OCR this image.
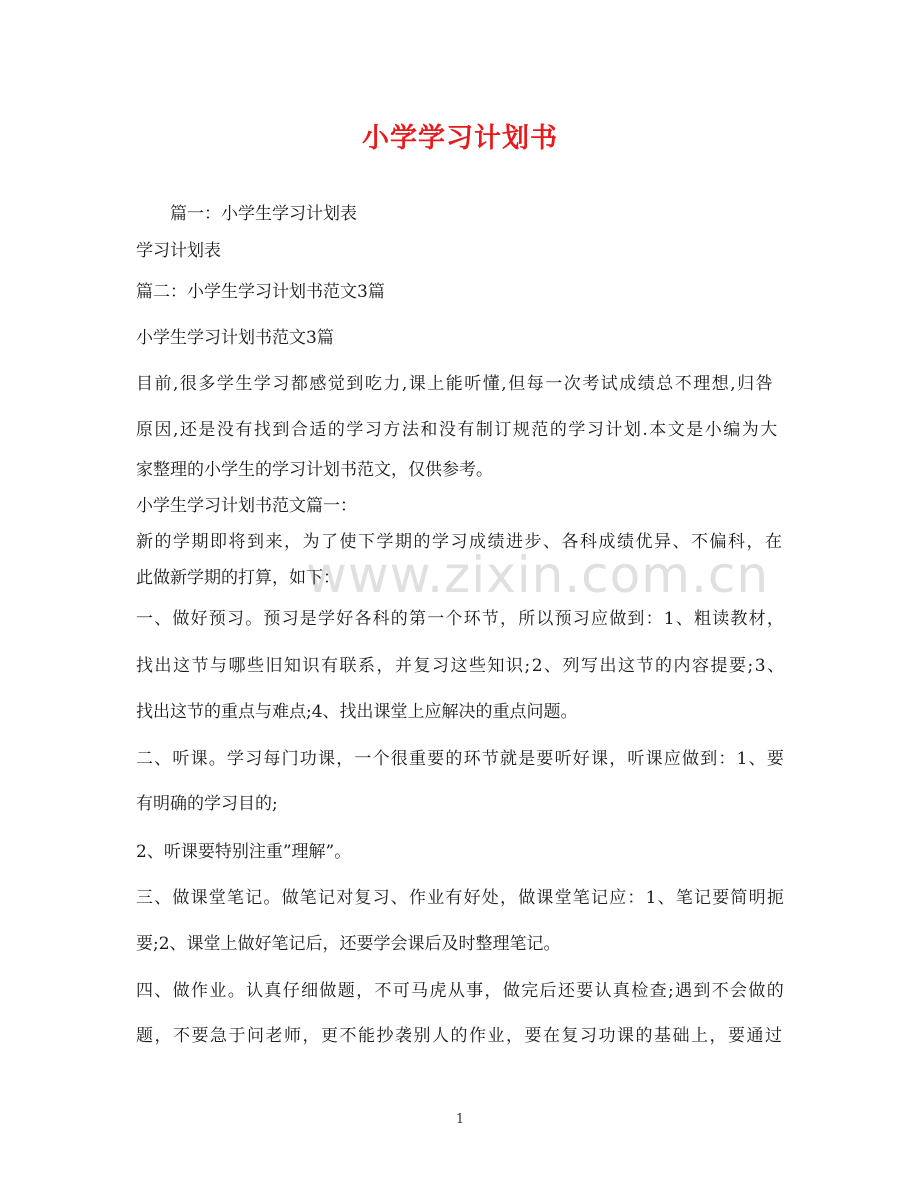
小学学习计划书
www.zixin.com.cn
篇一：小学生学习计划表
学习计划表
篇二：小学生学习计划书范文3篇
小学生学习计划书范文3篇
目前,很多学生学习都感觉到吃力,课上能听懂,但每一次考试成绩总不理想,归咎
原因,还是没有找到合适的学习方法和没有制订规范的学习计划.本文是小编为大
家整理的小学生的学习计划书范文，仅供参考。
小学生学习计划书范文篇一：
新的学期即将到来，为了使下学期的学习成绩进步、各科成绩优异、不偏科，在
此做新学期的打算，如下：
一、做好预习。预习是学好各科的第一个环节，所以预习应做到：1、粗读教材，
找出这节与哪些旧知识有联系，并复习这些知识;2、列写出这节的内容提要;3、
找出这节的重点与难点;4、找出课堂上应解决的重点问题。
二、听课。学习每门功课，一个很重要的环节就是要听好课，听课应做到：1、要
有明确的学习目的;
2、听课要特别注重”理解”。
三、做课堂笔记。做笔记对复习、作业有好处，做课堂笔记应：1、笔记要简明扼
要;2、课堂上做好笔记后，还要学会课后及时整理笔记。
四、做作业。认真仔细做题，不可马虎从事，做完后还要认真检查;遇到不会做的
题，不要急于问老师，更不能抄袭别人的作业，要在复习功课的基础上，要通过
1
